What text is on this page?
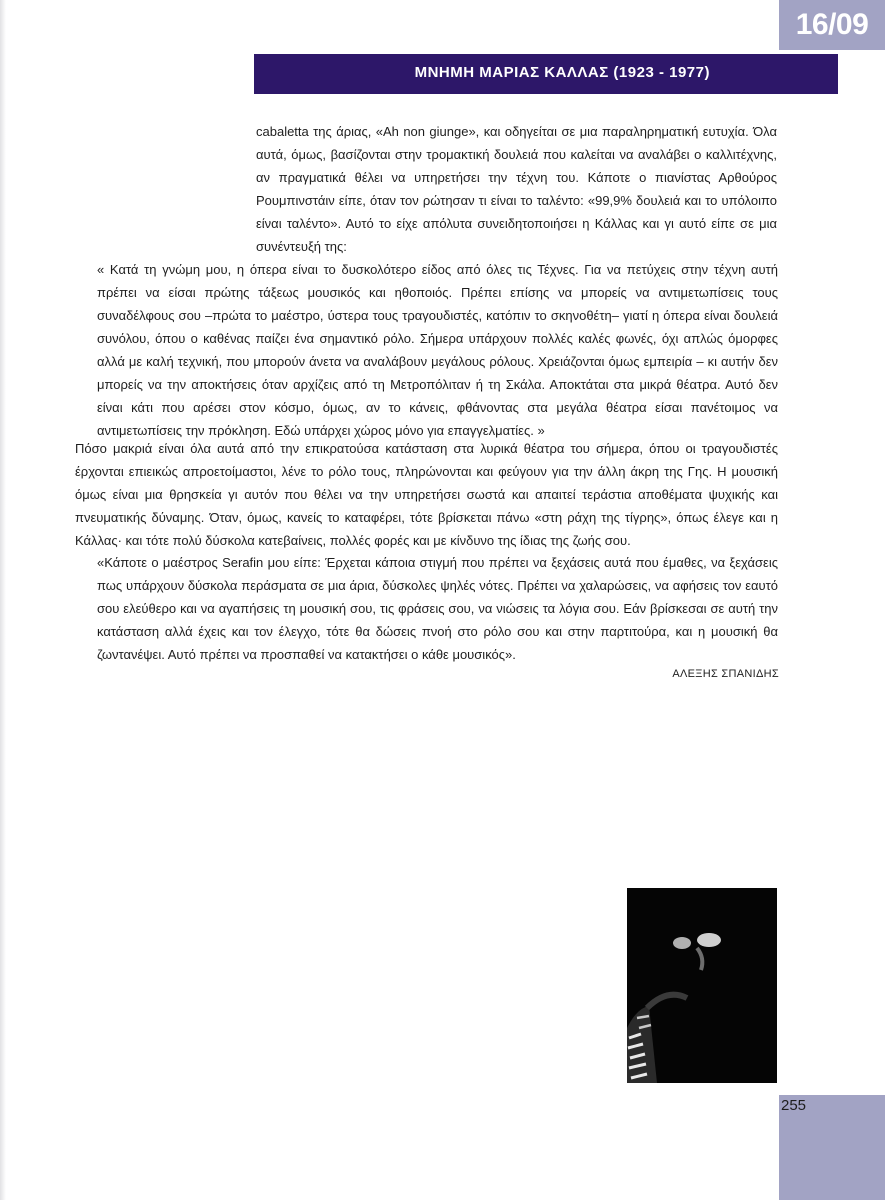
16/09
ΜΝΗΜΗ ΜΑΡΙΑΣ ΚΑΛΛΑΣ (1923 - 1977)

cabaletta της άριας, «Ah non giunge», και οδηγείται σε μια παραληρηματική ευτυχία. Όλα αυτά, όμως, βασίζονται στην τρομακτική δουλειά που καλείται να αναλάβει ο καλλιτέχνης, αν πραγματικά θέλει να υπηρετήσει την τέχνη του. Κάποτε ο πιανίστας Αρθούρος Ρουμπινστάιν είπε, όταν τον ρώτησαν τι είναι το ταλέντο: «99,9% δουλειά και το υπόλοιπο είναι ταλέντο». Αυτό το είχε απόλυτα συνειδητοποιήσει η Κάλλας και γι αυτό είπε σε μια συνέντευξή της:

« Κατά τη γνώμη μου, η όπερα είναι το δυσκολότερο είδος από όλες τις Τέχνες. Για να πετύχεις στην τέχνη αυτή πρέπει να είσαι πρώτης τάξεως μουσικός και ηθοποιός. Πρέπει επίσης να μπορείς να αντιμετωπίσεις τους συναδέλφους σου –πρώτα το μαέστρο, ύστερα τους τραγουδιστές, κατόπιν το σκηνοθέτη– γιατί η όπερα είναι δουλειά συνόλου, όπου ο καθένας παίζει ένα σημαντικό ρόλο. Σήμερα υπάρχουν πολλές καλές φωνές, όχι απλώς όμορφες αλλά με καλή τεχνική, που μπορούν άνετα να αναλάβουν μεγάλους ρόλους. Χρειάζονται όμως εμπειρία – κι αυτήν δεν μπορείς να την αποκτήσεις όταν αρχίζεις από τη Μετροπόλιταν ή τη Σκάλα. Αποκτάται στα μικρά θέατρα. Αυτό δεν είναι κάτι που αρέσει στον κόσμο, όμως, αν το κάνεις, φθάνοντας στα μεγάλα θέατρα είσαι πανέτοιμος να αντιμετωπίσεις την πρόκληση. Εδώ υπάρχει χώρος μόνο για επαγγελματίες. »

Πόσο μακριά είναι όλα αυτά από την επικρατούσα κατάσταση στα λυρικά θέατρα του σήμερα, όπου οι τραγουδιστές έρχονται επιεικώς απροετοίμαστοι, λένε το ρόλο τους, πληρώνονται και φεύγουν για την άλλη άκρη της Γης. Η μουσική όμως είναι μια θρησκεία γι αυτόν που θέλει να την υπηρετήσει σωστά και απαιτεί τεράστια αποθέματα ψυχικής και πνευματικής δύναμης. Όταν, όμως, κανείς το καταφέρει, τότε βρίσκεται πάνω «στη ράχη της τίγρης», όπως έλεγε και η Κάλλας· και τότε πολύ δύσκολα κατεβαίνεις, πολλές φορές και με κίνδυνο της ίδιας της ζωής σου.

«Κάποτε ο μαέστρος Serafin μου είπε: Έρχεται κάποια στιγμή που πρέπει να ξεχάσεις αυτά που έμαθες, να ξεχάσεις πως υπάρχουν δύσκολα περάσματα σε μια άρια, δύσκολες ψηλές νότες. Πρέπει να χαλαρώσεις, να αφήσεις τον εαυτό σου ελεύθερο και να αγαπήσεις τη μουσική σου, τις φράσεις σου, να νιώσεις τα λόγια σου. Εάν βρίσκεσαι σε αυτή την κατάσταση αλλά έχεις και τον έλεγχο, τότε θα δώσεις πνοή στο ρόλο σου και στην παρτιτούρα, και η μουσική θα ζωντανέψει. Αυτό πρέπει να προσπαθεί να κατακτήσει ο κάθε μουσικός».

ΑΛΕΞΗΣ ΣΠΑΝΙΔΗΣ

255
